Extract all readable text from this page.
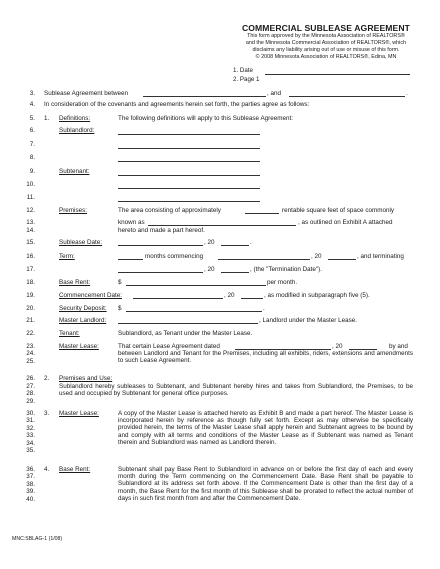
COMMERCIAL SUBLEASE AGREEMENT
This form approved by the Minnesota Association of REALTORS®
and the Minnesota Commercial Association of REALTORS®, which
disclaims any liability arising out of use or misuse of this form.
© 2008 Minnesota Association of REALTORS®, Edina, MN
1. Date
2. Page 1
3. Sublease Agreement between	, and	.
4. In consideration of the covenants and agreements herein set forth, the parties agree as follows:
5. 1. Definitions:	The following definitions will apply to this Sublease Agreement:
6.	Sublandlord:
7.
8.
9.	Subtenant:
10.
11.
12.	Premises:	The area consisting of approximately	rentable square feet of space commonly
13.	known as	, as outlined on Exhibit A attached
14.	hereto and made a part hereof.
15.	Sublease Date:	, 20	.
16.	Term:	months commencing	, 20	, and terminating
17.	, 20	, (the "Termination Date").
18.	Base Rent:	$	per month.
19.	Commencement Date:	, 20	, as modified in subparagraph five (5).
20.	Security Deposit: $	.
21.	Master Landlord:	, Landlord under the Master Lease.
22.	Tenant:	Sublandlord, as Tenant under the Master Lease.
23.
24.
25.
Master Lease:	That certain Lease Agreement dated	, 20	by and
between Landlord and Tenant for the Premises, including all exhibits, riders, extensions and amendments to such Lease Agreement.
26.
27.
28.
29.
2. Premises and Use:
Sublandlord hereby subleases to Subtenant, and Subtenant hereby hires and takes from Sublandlord, the Premises, to be used and occupied by Subtenant for general office purposes.
30.
31.
32.
33.
34.
35.
3. Master Lease:	A copy of the Master Lease is attached hereto as Exhibit B and made a part hereof. The Master Lease is incorporated herein by reference as though fully set forth. Except as may otherwise be specifically provided herein, the terms of the Master Lease shall apply herein and Subtenant agrees to be bound by and comply with all terms and conditions of the Master Lease as if Subtenant was named as Tenant therein and Sublandlord was named as Landlord therein.
36.
37.
38.
39.
40.
4. Base Rent:	Subtenant shall pay Base Rent to Sublandlord in advance on or before the first day of each and every month during the Term commencing on the Commencement Date. Base Rent shall be payable to Sublandlord at its address set forth above. If the Commencement Date is other than the first day of a month, the Base Rent for the first month of this Sublease shall be prorated to reflect the actual number of days in such first month from and after the Commencement Date.
MNC:SBLAG-1 (1/08)
